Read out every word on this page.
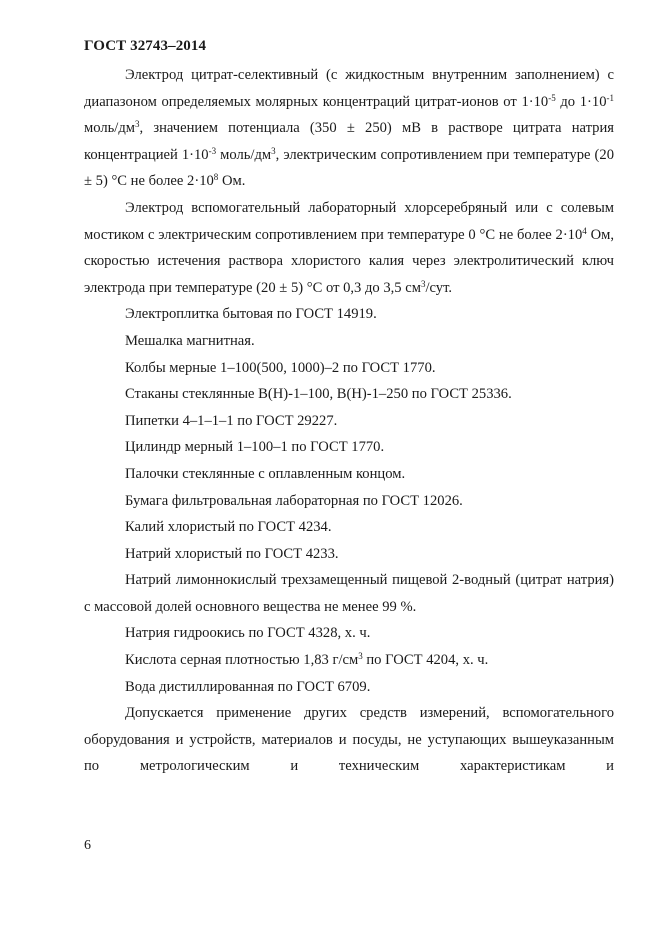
ГОСТ 32743–2014

Электрод цитрат-селективный (с жидкостным внутренним заполнением) с диапазоном определяемых молярных концентраций цитрат-ионов от $1\cdot 10^{-5}$ до $1\cdot 10^{-1}$ моль/$дм^3$, значением потенциала (350 ± 250) мВ в растворе цитрата натрия концентрацией $1\cdot 10^{-3}$ моль/$дм^3$, электрическим сопротивлением при температуре (20 ± 5) °С не более $2\cdot 10^8$ Ом.

Электрод вспомогательный лабораторный хлорсеребряный или с солевым мостиком с электрическим сопротивлением при температуре 0 °С не более $2\cdot 10^4$ Ом, скоростью истечения раствора хлористого калия через электролитический ключ электрода при температуре (20 ± 5) °С от 0,3 до 3,5 $см^3$/сут.

Электроплитка бытовая по ГОСТ 14919.
Мешалка магнитная.
Колбы мерные 1–100(500, 1000)–2 по ГОСТ 1770.
Стаканы стеклянные В(Н)-1–100, В(Н)-1–250 по ГОСТ 25336.
Пипетки 4–1–1–1 по ГОСТ 29227.
Цилиндр мерный 1–100–1 по ГОСТ 1770.
Палочки стеклянные с оплавленным концом.
Бумага фильтровальная лабораторная по ГОСТ 12026.
Калий хлористый по ГОСТ 4234.
Натрий хлористый по ГОСТ 4233.

Натрий лимоннокислый трехзамещенный пищевой 2-водный (цитрат натрия) с массовой долей основного вещества не менее 99 %.

Натрия гидроокись по ГОСТ 4328, х. ч.
Кислота серная плотностью 1,83 $г/см^3$ по ГОСТ 4204, х. ч.
Вода дистиллированная по ГОСТ 6709.

Допускается применение других средств измерений, вспомогательного оборудования и устройств, материалов и посуды, не уступающих вышеуказанным по метрологическим и техническим характеристикам и

6
